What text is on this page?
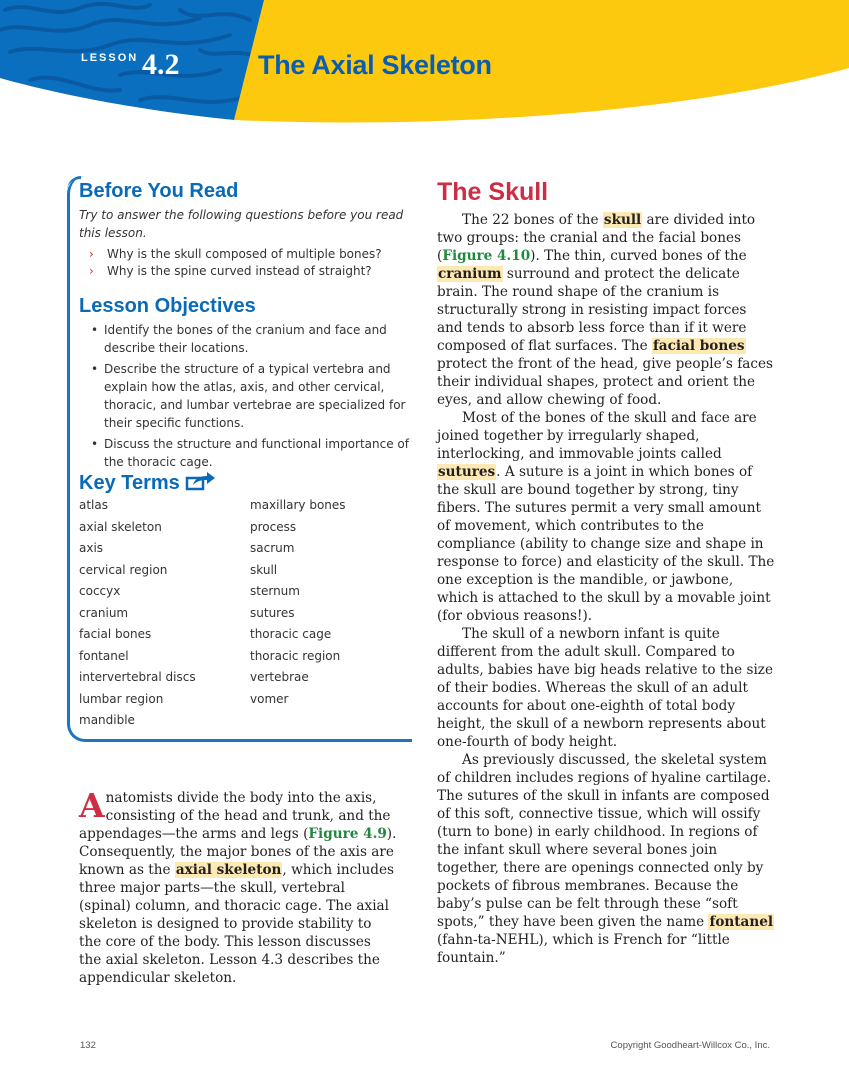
LESSON 4.2	The Axial Skeleton
Before You Read
Try to answer the following questions before you read this lesson.
› Why is the skull composed of multiple bones?
› Why is the spine curved instead of straight?
Lesson Objectives
• Identify the bones of the cranium and face and describe their locations.
• Describe the structure of a typical vertebra and explain how the atlas, axis, and other cervical, thoracic, and lumbar vertebrae are specialized for their specific functions.
• Discuss the structure and functional importance of the thoracic cage.
Key Terms
atlas	maxillary bones
axial skeleton	process
axis	sacrum
cervical region	skull
coccyx	sternum
cranium	sutures
facial bones	thoracic cage
fontanel	thoracic region
intervertebral discs	vertebrae
lumbar region	vomer
mandible
Anatomists divide the body into the axis, consisting of the head and trunk, and the appendages—the arms and legs (Figure 4.9). Consequently, the major bones of the axis are known as the axial skeleton, which includes three major parts—the skull, vertebral (spinal) column, and thoracic cage. The axial skeleton is designed to provide stability to the core of the body. This lesson discusses the axial skeleton. Lesson 4.3 describes the appendicular skeleton.
The Skull

The 22 bones of the skull are divided into two groups: the cranial and the facial bones (Figure 4.10). The thin, curved bones of the cranium surround and protect the delicate brain. The round shape of the cranium is structurally strong in resisting impact forces and tends to absorb less force than if it were composed of flat surfaces. The facial bones protect the front of the head, give people’s faces their individual shapes, protect and orient the eyes, and allow chewing of food.

Most of the bones of the skull and face are joined together by irregularly shaped, interlocking, and immovable joints called sutures. A suture is a joint in which bones of the skull are bound together by strong, tiny fibers. The sutures permit a very small amount of movement, which contributes to the compliance (ability to change size and shape in response to force) and elasticity of the skull. The one exception is the mandible, or jawbone, which is attached to the skull by a movable joint (for obvious reasons!).

The skull of a newborn infant is quite different from the adult skull. Compared to adults, babies have big heads relative to the size of their bodies. Whereas the skull of an adult accounts for about one-eighth of total body height, the skull of a newborn represents about one-fourth of body height.

As previously discussed, the skeletal system of children includes regions of hyaline cartilage. The sutures of the skull in infants are composed of this soft, connective tissue, which will ossify (turn to bone) in early childhood. In regions of the infant skull where several bones join together, there are openings connected only by pockets of fibrous membranes. Because the baby’s pulse can be felt through these “soft spots,” they have been given the name fontanel (fahn-ta-NEHL), which is French for “little fountain.”

132	Copyright Goodheart-Willcox Co., Inc.
